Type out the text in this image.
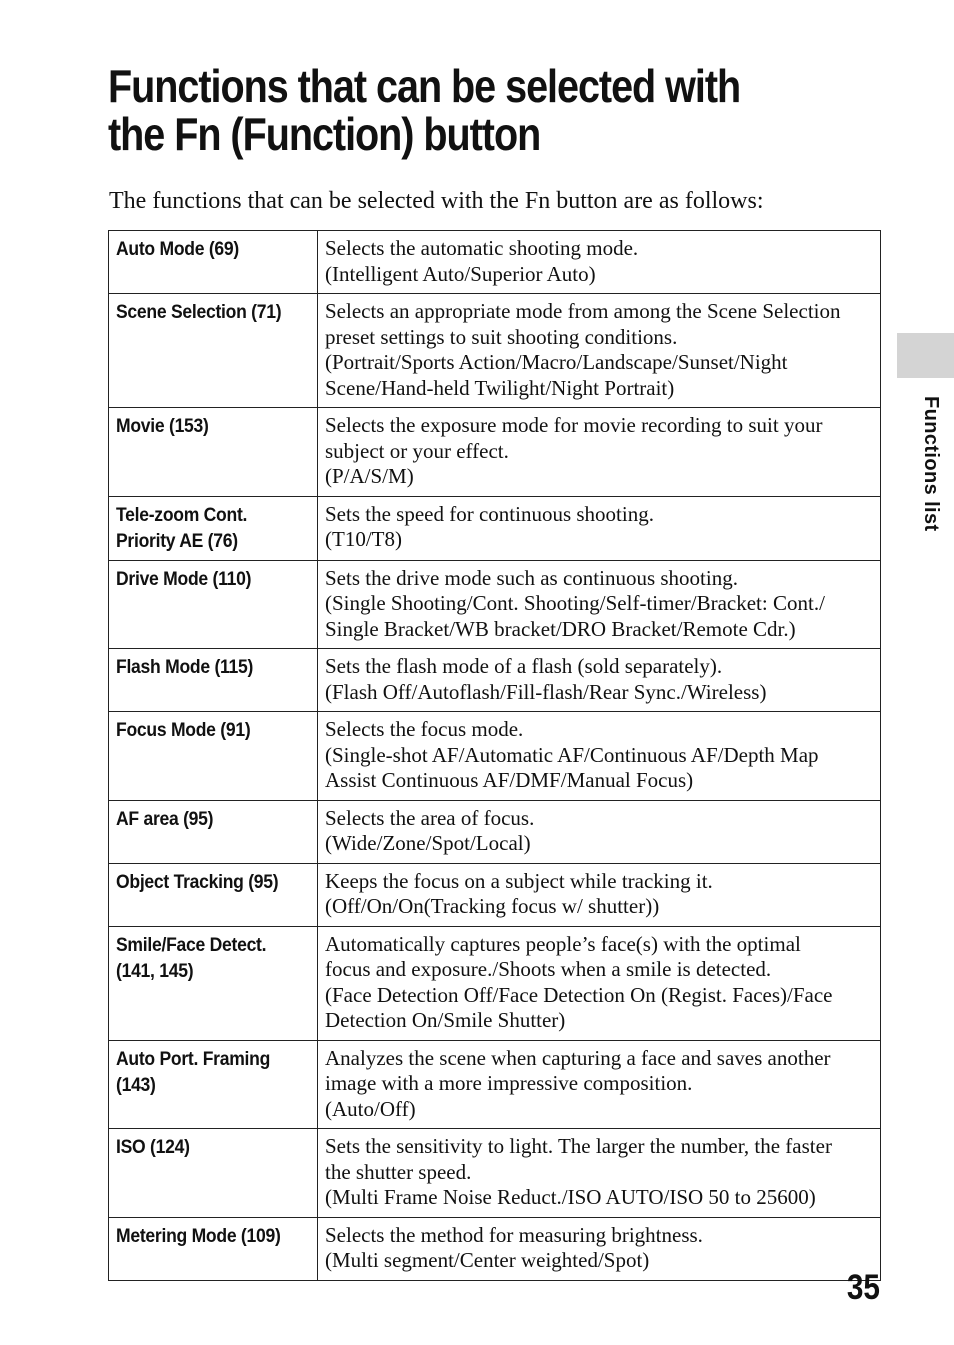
Functions that can be selected with
the Fn (Function) button
The functions that can be selected with the Fn button are as follows:
Auto Mode (69)	Selects the automatic shooting mode.
(Intelligent Auto/Superior Auto)

Scene Selection (71)	Selects an appropriate mode from among the Scene Selection
preset settings to suit shooting conditions.
(Portrait/Sports Action/Macro/Landscape/Sunset/Night
Scene/Hand-held Twilight/Night Portrait)

Movie (153)	Selects the exposure mode for movie recording to suit your
subject or your effect.
(P/A/S/M)

Tele-zoom Cont.
Priority AE (76)	Sets the speed for continuous shooting.
(T10/T8)

Drive Mode (110)	Sets the drive mode such as continuous shooting.
(Single Shooting/Cont. Shooting/Self-timer/Bracket: Cont./
Single Bracket/WB bracket/DRO Bracket/Remote Cdr.)

Flash Mode (115)	Sets the flash mode of a flash (sold separately).
(Flash Off/Autoflash/Fill-flash/Rear Sync./Wireless)

Focus Mode (91)	Selects the focus mode.
(Single-shot AF/Automatic AF/Continuous AF/Depth Map
Assist Continuous AF/DMF/Manual Focus)

AF area (95)	Selects the area of focus.
(Wide/Zone/Spot/Local)

Object Tracking (95)	Keeps the focus on a subject while tracking it.
(Off/On/On(Tracking focus w/ shutter))

Smile/Face Detect.
(141, 145)	Automatically captures people’s face(s) with the optimal
focus and exposure./Shoots when a smile is detected.
(Face Detection Off/Face Detection On (Regist. Faces)/Face
Detection On/Smile Shutter)

Auto Port. Framing
(143)	Analyzes the scene when capturing a face and saves another
image with a more impressive composition.
(Auto/Off)

ISO (124)	Sets the sensitivity to light. The larger the number, the faster
the shutter speed.
(Multi Frame Noise Reduct./ISO AUTO/ISO 50 to 25600)

Metering Mode (109)	Selects the method for measuring brightness.
(Multi segment/Center weighted/Spot)
Functions list
35
